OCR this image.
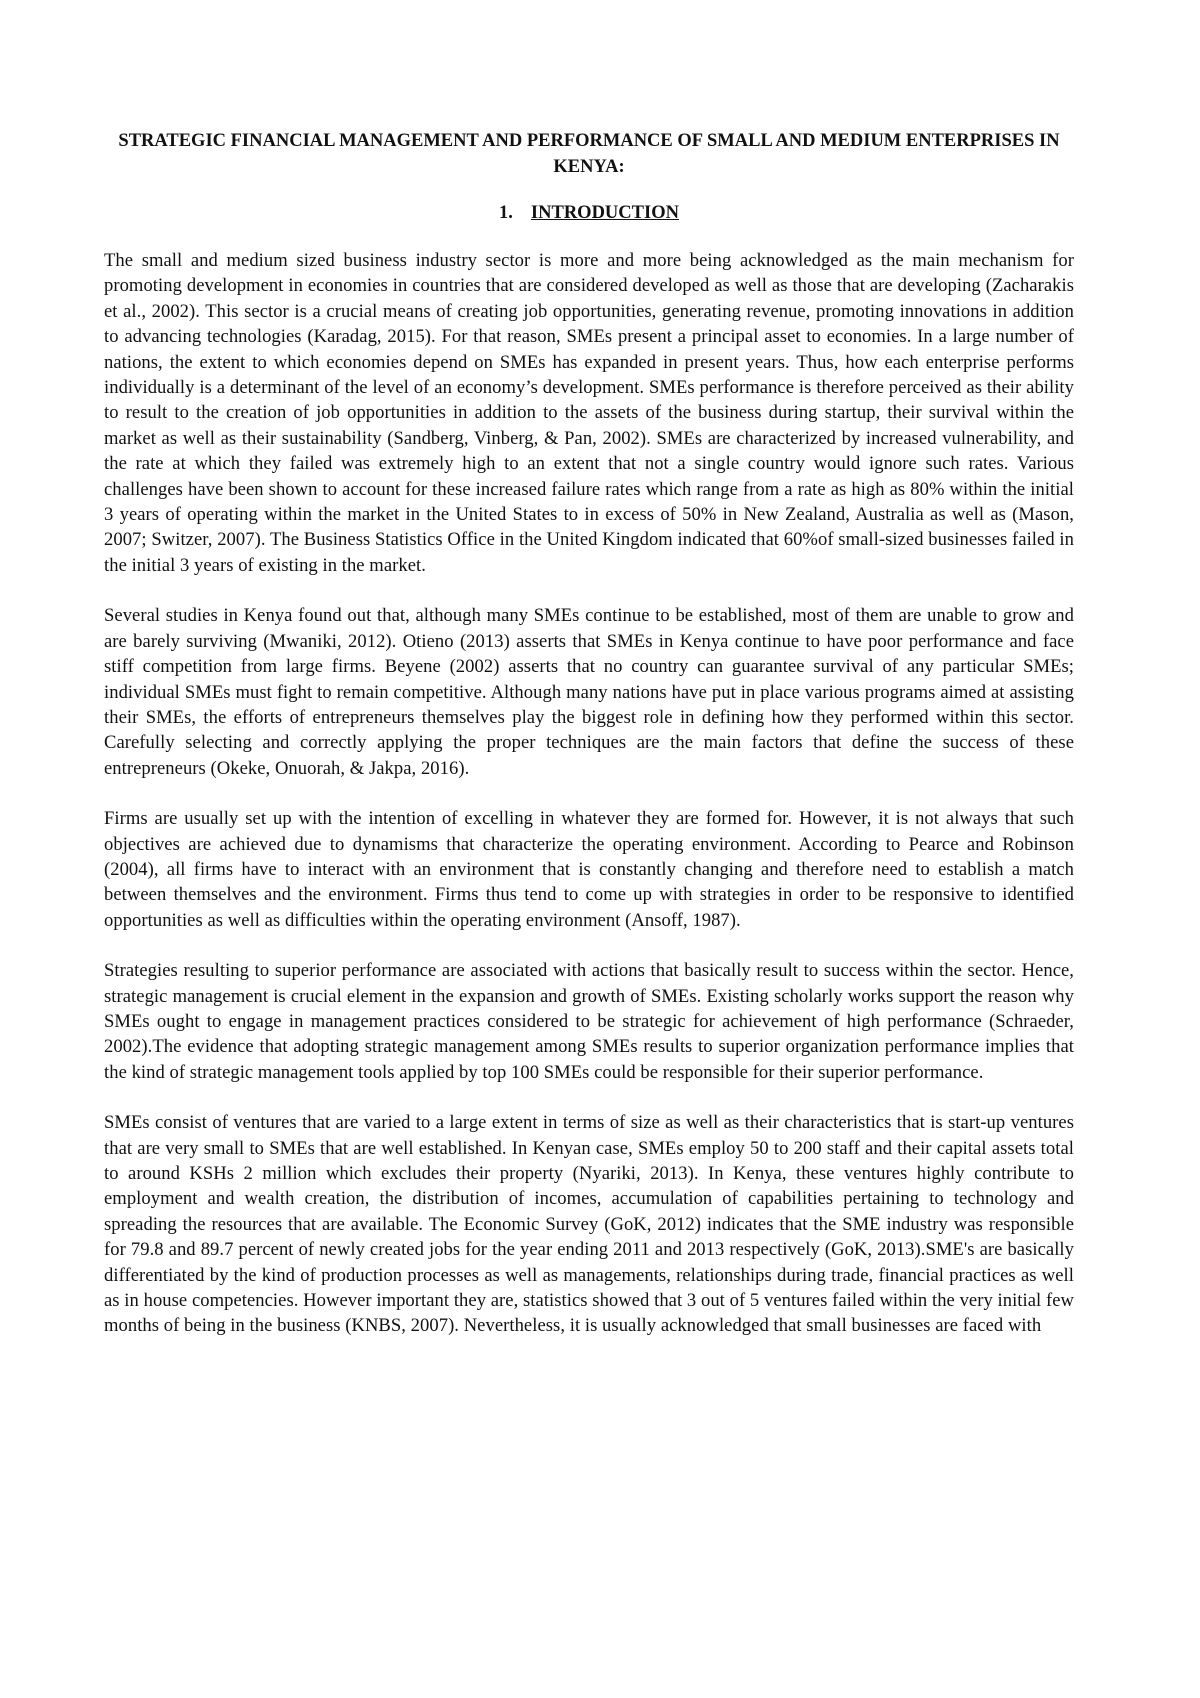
STRATEGIC FINANCIAL MANAGEMENT AND PERFORMANCE OF SMALL AND MEDIUM ENTERPRISES IN KENYA:

1. INTRODUCTION

The small and medium sized business industry sector is more and more being acknowledged as the main mechanism for promoting development in economies in countries that are considered developed as well as those that are developing (Zacharakis et al., 2002). This sector is a crucial means of creating job opportunities, generating revenue, promoting innovations in addition to advancing technologies (Karadag, 2015). For that reason, SMEs present a principal asset to economies. In a large number of nations, the extent to which economies depend on SMEs has expanded in present years. Thus, how each enterprise performs individually is a determinant of the level of an economy’s development. SMEs performance is therefore perceived as their ability to result to the creation of job opportunities in addition to the assets of the business during startup, their survival within the market as well as their sustainability (Sandberg, Vinberg, & Pan, 2002). SMEs are characterized by increased vulnerability, and the rate at which they failed was extremely high to an extent that not a single country would ignore such rates. Various challenges have been shown to account for these increased failure rates which range from a rate as high as 80% within the initial 3 years of operating within the market in the United States to in excess of 50% in New Zealand, Australia as well as (Mason, 2007; Switzer, 2007). The Business Statistics Office in the United Kingdom indicated that 60%of small-sized businesses failed in the initial 3 years of existing in the market.

Several studies in Kenya found out that, although many SMEs continue to be established, most of them are unable to grow and are barely surviving (Mwaniki, 2012). Otieno (2013) asserts that SMEs in Kenya continue to have poor performance and face stiff competition from large firms. Beyene (2002) asserts that no country can guarantee survival of any particular SMEs; individual SMEs must fight to remain competitive. Although many nations have put in place various programs aimed at assisting their SMEs, the efforts of entrepreneurs themselves play the biggest role in defining how they performed within this sector. Carefully selecting and correctly applying the proper techniques are the main factors that define the success of these entrepreneurs (Okeke, Onuorah, & Jakpa, 2016).

Firms are usually set up with the intention of excelling in whatever they are formed for. However, it is not always that such objectives are achieved due to dynamisms that characterize the operating environment. According to Pearce and Robinson (2004), all firms have to interact with an environment that is constantly changing and therefore need to establish a match between themselves and the environment. Firms thus tend to come up with strategies in order to be responsive to identified opportunities as well as difficulties within the operating environment (Ansoff, 1987).

Strategies resulting to superior performance are associated with actions that basically result to success within the sector. Hence, strategic management is crucial element in the expansion and growth of SMEs. Existing scholarly works support the reason why SMEs ought to engage in management practices considered to be strategic for achievement of high performance (Schraeder, 2002).The evidence that adopting strategic management among SMEs results to superior organization performance implies that the kind of strategic management tools applied by top 100 SMEs could be responsible for their superior performance.

SMEs consist of ventures that are varied to a large extent in terms of size as well as their characteristics that is start-up ventures that are very small to SMEs that are well established. In Kenyan case, SMEs employ 50 to 200 staff and their capital assets total to around KSHs 2 million which excludes their property (Nyariki, 2013). In Kenya, these ventures highly contribute to employment and wealth creation, the distribution of incomes, accumulation of capabilities pertaining to technology and spreading the resources that are available. The Economic Survey (GoK, 2012) indicates that the SME industry was responsible for 79.8 and 89.7 percent of newly created jobs for the year ending 2011 and 2013 respectively (GoK, 2013).SME's are basically differentiated by the kind of production processes as well as managements, relationships during trade, financial practices as well as in house competencies. However important they are, statistics showed that 3 out of 5 ventures failed within the very initial few months of being in the business (KNBS, 2007). Nevertheless, it is usually acknowledged that small businesses are faced with
